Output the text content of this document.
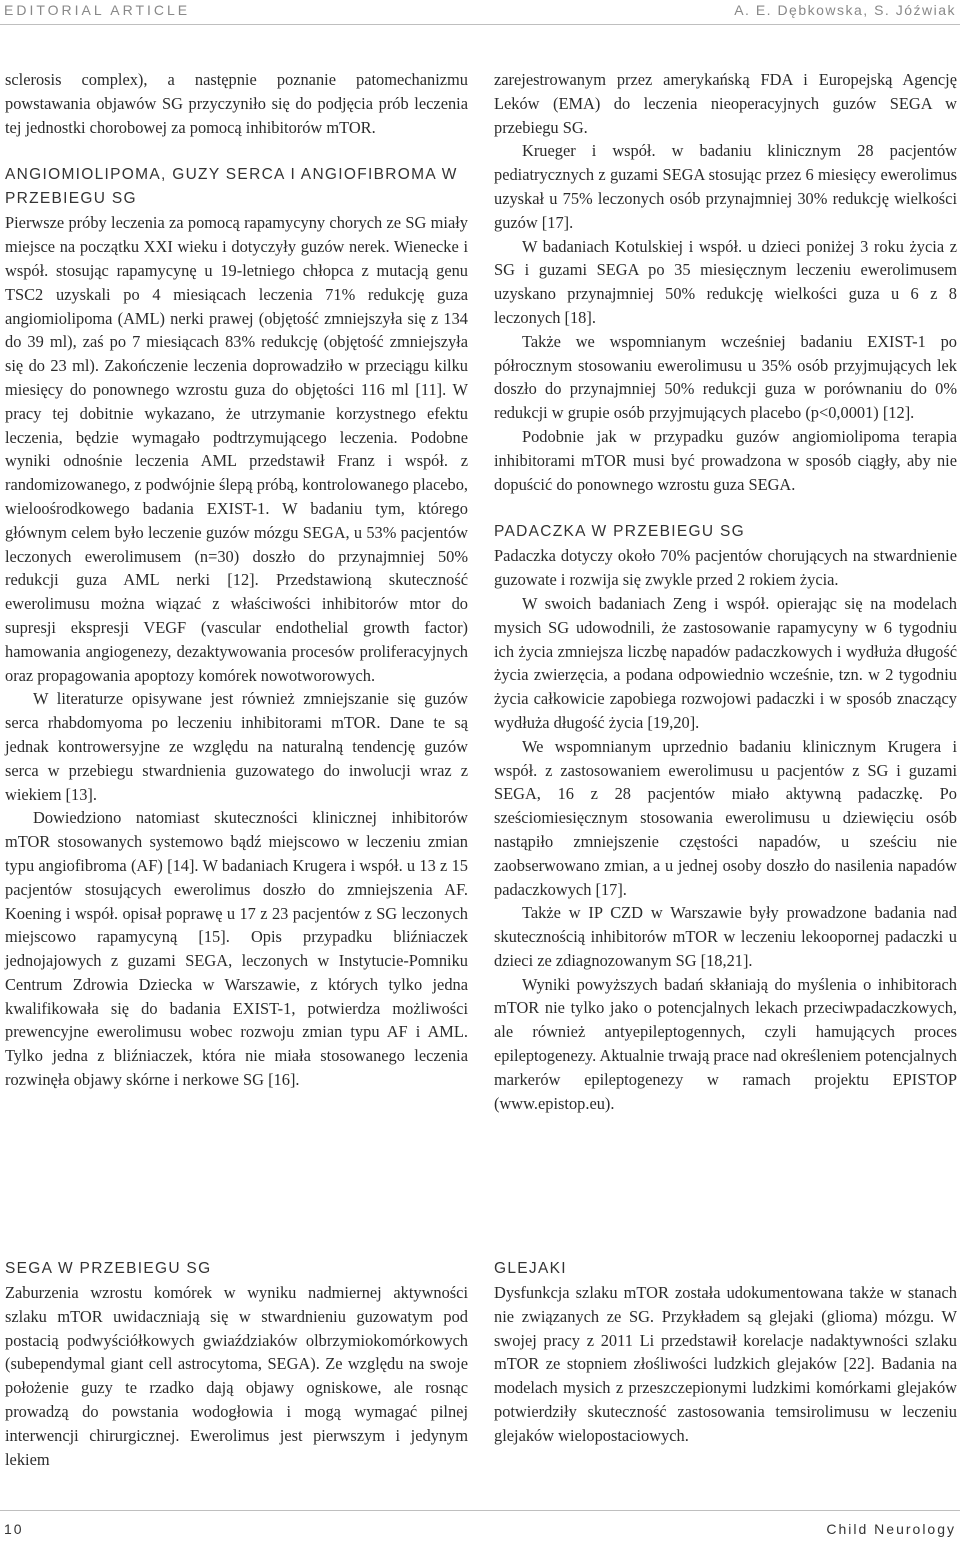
EDITORIAL ARTICLE	A. E. Dębkowska, S. Jóźwiak

sclerosis complex), a następnie poznanie patomechanizmu powstawania objawów SG przyczyniło się do podjęcia prób leczenia tej jednostki chorobowej za pomocą inhibitorów mTOR.

ANGIOMIOLIPOMA, GUZY SERCA I ANGIOFIBROMA W PRZEBIEGU SG

Pierwsze próby leczenia za pomocą rapamycyny chorych ze SG miały miejsce na początku XXI wieku i dotyczyły guzów nerek. Wienecke i współ. stosując rapamycynę u 19-letniego chłopca z mutacją genu TSC2 uzyskali po 4 miesiącach leczenia 71% redukcję guza angiomiolipoma (AML) nerki prawej (objętość zmniejszyła się z 134 do 39 ml), zaś po 7 miesiącach 83% redukcję (objętość zmniejszyła się do 23 ml). Zakończenie leczenia doprowadziło w przeciągu kilku miesięcy do ponownego wzrostu guza do objętości 116 ml [11]. W pracy tej dobitnie wykazano, że utrzymanie korzystnego efektu leczenia, będzie wymagało podtrzymującego leczenia. Podobne wyniki odnośnie leczenia AML przedstawił Franz i współ. z randomizowanego, z podwójnie ślepą próbą, kontrolowanego placebo, wieloośrodkowego badania EXIST-1. W badaniu tym, którego głównym celem było leczenie guzów mózgu SEGA, u 53% pacjentów leczonych ewerolimusem (n=30) doszło do przynajmniej 50% redukcji guza AML nerki [12]. Przedstawioną skuteczność ewerolimusu można wiązać z właściwości inhibitorów mtor do supresji ekspresji VEGF (vascular endothelial growth factor) hamowania angiogenezy, dezaktywowania procesów proliferacyjnych oraz propagowania apoptozy komórek nowotworowych.

W literaturze opisywane jest również zmniejszanie się guzów serca rhabdomyoma po leczeniu inhibitorami mTOR. Dane te są jednak kontrowersyjne ze względu na naturalną tendencję guzów serca w przebiegu stwardnienia guzowatego do inwolucji wraz z wiekiem [13].

Dowiedziono natomiast skuteczności klinicznej inhibitorów mTOR stosowanych systemowo bądź miejscowo w leczeniu zmian typu angiofibroma (AF) [14]. W badaniach Krugera i współ. u 13 z 15 pacjentów stosujących ewerolimus doszło do zmniejszenia AF. Koening i współ. opisał poprawę u 17 z 23 pacjentów z SG leczonych miejscowo rapamycyną [15]. Opis przypadku bliźniaczek jednojajowych z guzami SEGA, leczonych w Instytucie-Pomniku Centrum Zdrowia Dziecka w Warszawie, z których tylko jedna kwalifikowała się do badania EXIST-1, potwierdza możliwości prewencyjne ewerolimusu wobec rozwoju zmian typu AF i AML. Tylko jedna z bliźniaczek, która nie miała stosowanego leczenia rozwinęła objawy skórne i nerkowe SG [16].

zarejestrowanym przez amerykańską FDA i Europejską Agencję Leków (EMA) do leczenia nieoperacyjnych guzów SEGA w przebiegu SG.

Krueger i współ. w badaniu klinicznym 28 pacjentów pediatrycznych z guzami SEGA stosując przez 6 miesięcy ewerolimus uzyskał u 75% leczonych osób przynajmniej 30% redukcję wielkości guzów [17].

W badaniach Kotulskiej i współ. u dzieci poniżej 3 roku życia z SG i guzami SEGA po 35 miesięcznym leczeniu ewerolimusem uzyskano przynajmniej 50% redukcję wielkości guza u 6 z 8 leczonych [18].

Także we wspomnianym wcześniej badaniu EXIST-1 po półrocznym stosowaniu ewerolimusu u 35% osób przyjmujących lek doszło do przynajmniej 50% redukcji guza w porównaniu do 0% redukcji w grupie osób przyjmujących placebo (p<0,0001) [12].

Podobnie jak w przypadku guzów angiomiolipoma terapia inhibitorami mTOR musi być prowadzona w sposób ciągły, aby nie dopuścić do ponownego wzrostu guza SEGA.

PADACZKA W PRZEBIEGU SG

Padaczka dotyczy około 70% pacjentów chorujących na stwardnienie guzowate i rozwija się zwykle przed 2 rokiem życia.

W swoich badaniach Zeng i współ. opierając się na modelach mysich SG udowodnili, że zastosowanie rapamycyny w 6 tygodniu ich życia zmniejsza liczbę napadów padaczkowych i wydłuża długość życia zwierzęcia, a podana odpowiednio wcześnie, tzn. w 2 tygodniu życia całkowicie zapobiega rozwojowi padaczki i w sposób znaczący wydłuża długość życia [19,20].

We wspomnianym uprzednio badaniu klinicznym Krugera i współ. z zastosowaniem ewerolimusu u pacjentów z SG i guzami SEGA, 16 z 28 pacjentów miało aktywną padaczkę. Po sześciomiesięcznym stosowania ewerolimusu u dziewięciu osób nastąpiło zmniejszenie częstości napadów, u sześciu nie zaobserwowano zmian, a u jednej osoby doszło do nasilenia napadów padaczkowych [17].

Także w IP CZD w Warszawie były prowadzone badania nad skutecznością inhibitorów mTOR w leczeniu lekoopornej padaczki u dzieci ze zdiagnozowanym SG [18,21].

Wyniki powyższych badań skłaniają do myślenia o inhibitorach mTOR nie tylko jako o potencjalnych lekach przeciwpadaczkowych, ale również antyepileptogennych, czyli hamujących proces epileptogenezy. Aktualnie trwają prace nad określeniem potencjalnych markerów epileptogenezy w ramach projektu EPISTOP (www.epistop.eu).

SEGA W PRZEBIEGU SG

Zaburzenia wzrostu komórek w wyniku nadmiernej aktywności szlaku mTOR uwidaczniają się w stwardnieniu guzowatym pod postacią podwyściółkowych gwiaździaków olbrzymiokomórkowych (subependymal giant cell astrocytoma, SEGA). Ze względu na swoje położenie guzy te rzadko dają objawy ogniskowe, ale rosnąc prowadzą do powstania wodogłowia i mogą wymagać pilnej interwencji chirurgicznej. Ewerolimus jest pierwszym i jedynym lekiem

GLEJAKI

Dysfunkcja szlaku mTOR została udokumentowana także w stanach nie związanych ze SG. Przykładem są glejaki (glioma) mózgu. W swojej pracy z 2011 Li przedstawił korelacje nadaktywności szlaku mTOR ze stopniem złośliwości ludzkich glejaków [22]. Badania na modelach mysich z przeszczepionymi ludzkimi komórkami glejaków potwierdziły skuteczność zastosowania temsirolimusu w leczeniu glejaków wielopostaciowych.

10	Child Neurology
